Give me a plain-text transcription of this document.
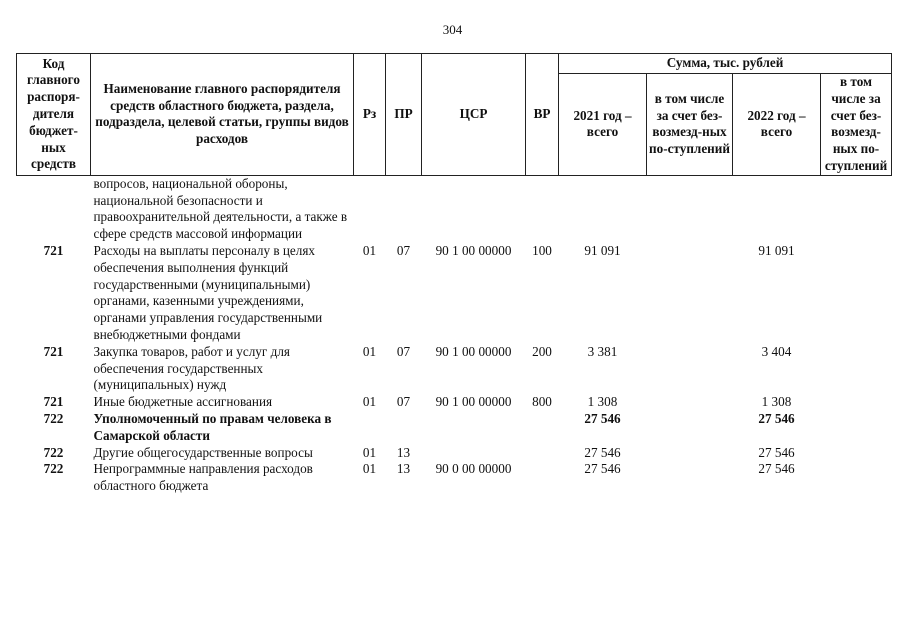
304
Код главного распоря-дителя бюджет-ных средств	Наименование главного распорядителя средств областного бюджета, раздела, подраздела, целевой статьи, группы видов расходов	Рз	ПР	ЦСР	ВР	Сумма, тыс. рублей			
						2021 год – всего	в том числе за счет без-возмезд-ных по-ступлений	2022 год – всего	в том числе за счет без-возмезд-ных по-ступлений
	вопросов, национальной обороны, национальной безопасности и правоохранительной деятельности, а также в сфере средств массовой информации								
721	Расходы на выплаты персоналу в целях обеспечения выполнения функций государственными (муниципальными) органами, казенными учреждениями, органами управления государственными внебюджетными фондами	01	07	90 1 00 00000	100	91 091		91 091	
721	Закупка товаров, работ и услуг для обеспечения государственных (муниципальных) нужд	01	07	90 1 00 00000	200	3 381		3 404	
721	Иные бюджетные ассигнования	01	07	90 1 00 00000	800	1 308		1 308	
722	Уполномоченный по правам человека в Самарской области					27 546		27 546	
722	Другие общегосударственные вопросы	01	13			27 546		27 546	
722	Непрограммные направления расходов областного бюджета	01	13	90 0 00 00000		27 546		27 546	
